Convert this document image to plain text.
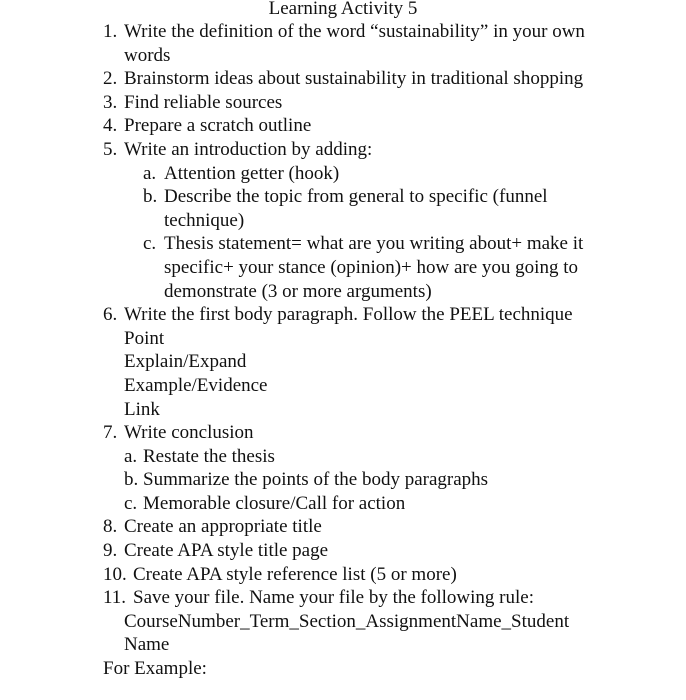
Learning Activity 5
1. Write the definition of the word “sustainability” in your own words
2. Brainstorm ideas about sustainability in traditional shopping
3. Find reliable sources
4. Prepare a scratch outline
5. Write an introduction by adding:
a. Attention getter (hook)
b. Describe the topic from general to specific (funnel technique)
c. Thesis statement= what are you writing about+ make it specific+ your stance (opinion)+ how are you going to demonstrate (3 or more arguments)
6. Write the first body paragraph. Follow the PEEL technique
Point
Explain/Expand
Example/Evidence
Link
7. Write conclusion
a. Restate the thesis
b. Summarize the points of the body paragraphs
c. Memorable closure/Call for action
8. Create an appropriate title
9. Create APA style title page
10. Create APA style reference list (5 or more)
11. Save your file. Name your file by the following rule:
CourseNumber_Term_Section_AssignmentName_Student Name
For Example:
